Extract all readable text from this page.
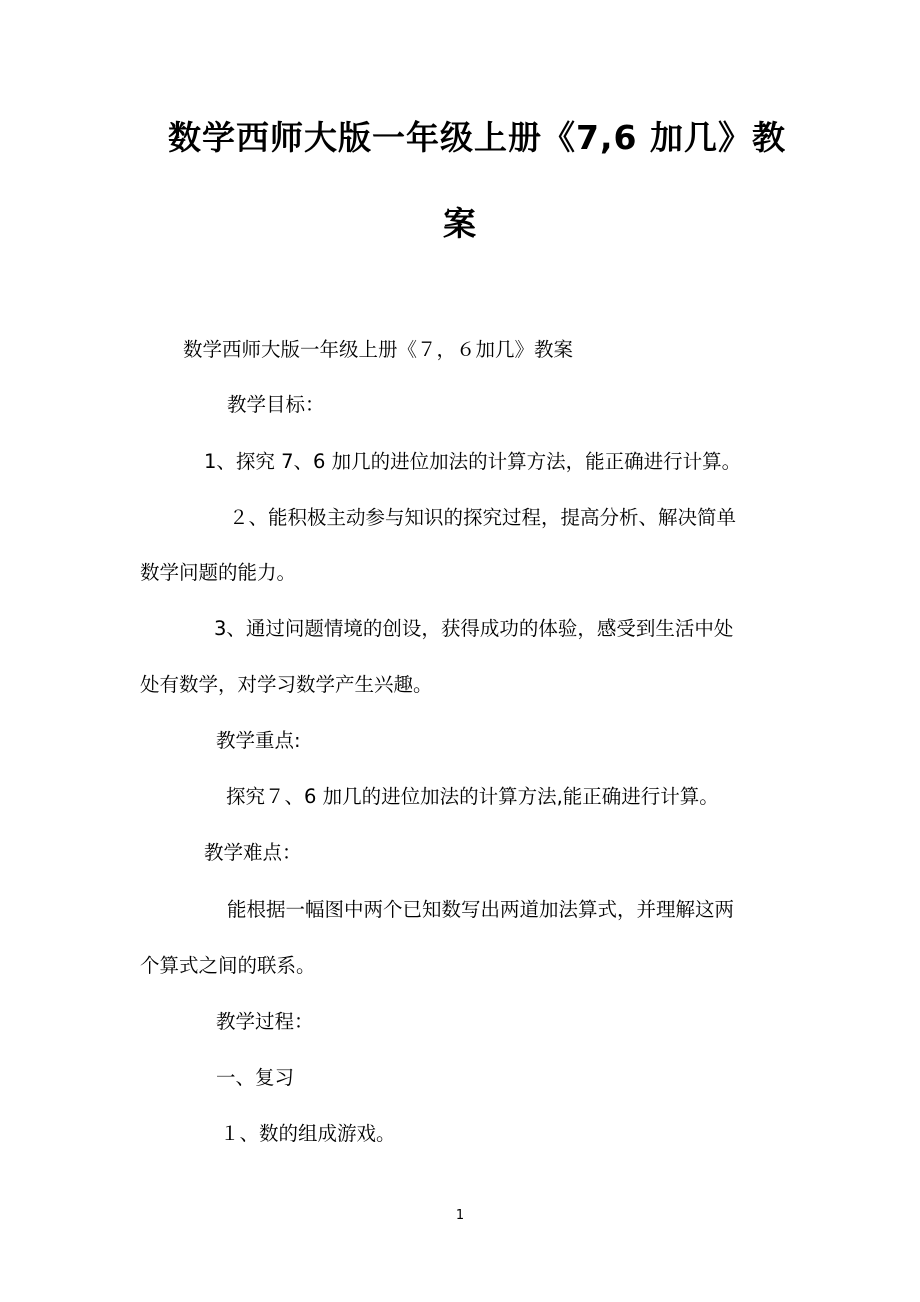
数学西师大版一年级上册《7,6 加几》教
案
数学西师大版一年级上册《７，６加几》教案
教学目标：
1、探究 7、6 加几的进位加法的计算方法，能正确进行计算。
２、能积极主动参与知识的探究过程，提高分析、解决简单
数学问题的能力。
3、通过问题情境的创设，获得成功的体验，感受到生活中处
处有数学，对学习数学产生兴趣。
教学重点:
探究７、6 加几的进位加法的计算方法,能正确进行计算。
教学难点：
能根据一幅图中两个已知数写出两道加法算式，并理解这两
个算式之间的联系。
教学过程：
一、复习
１、数的组成游戏。
1
